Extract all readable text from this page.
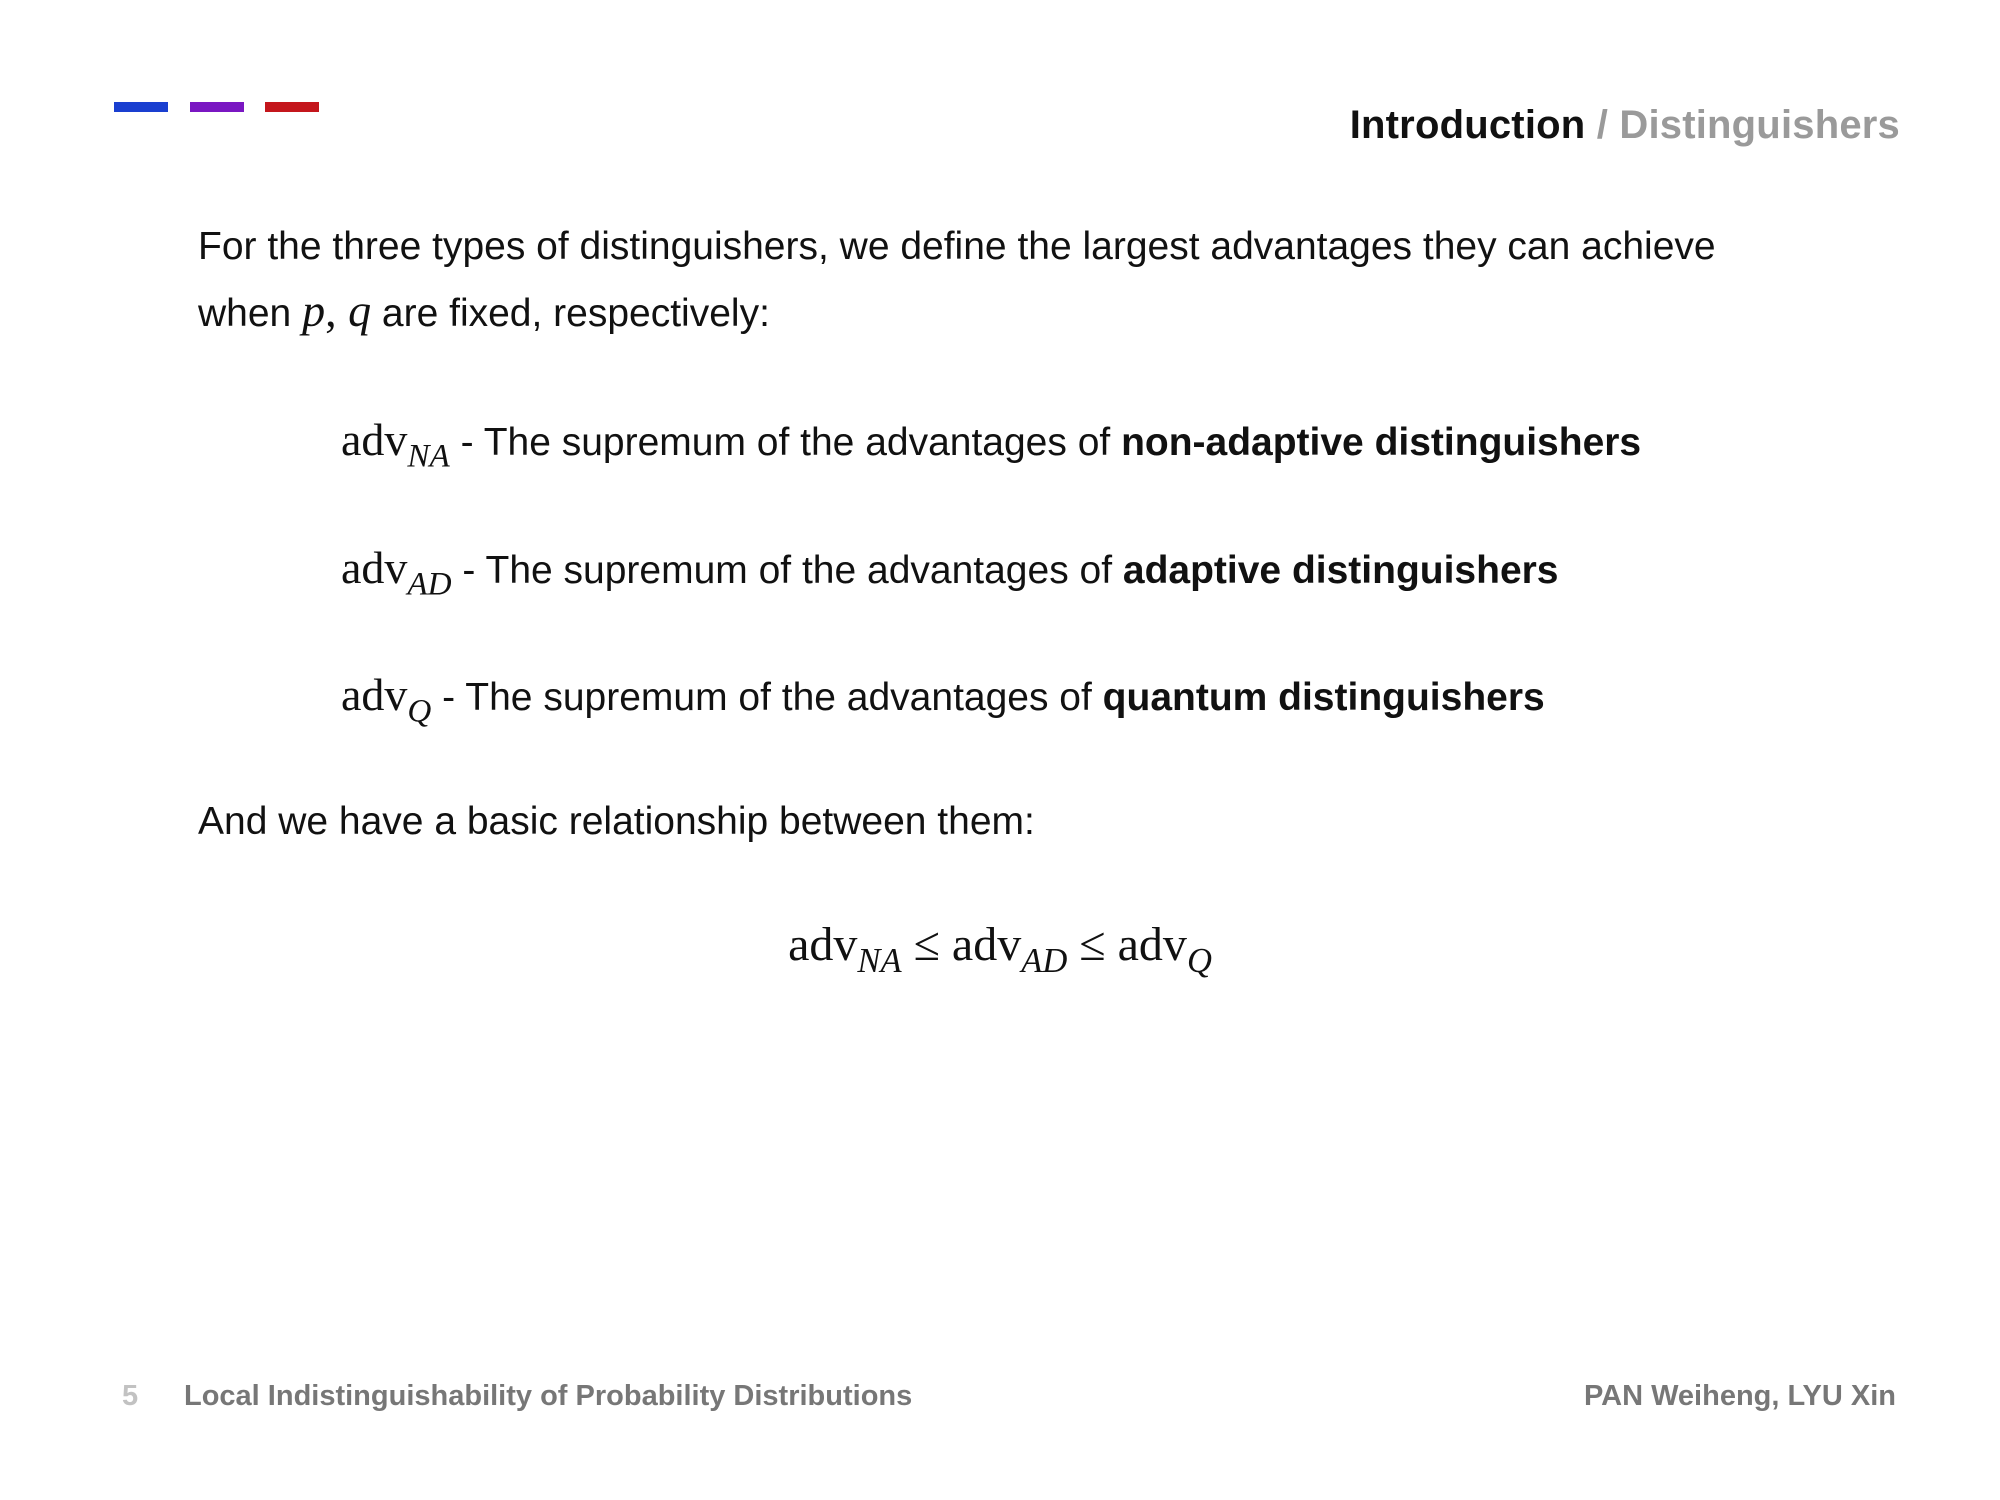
Introduction / Distinguishers
For the three types of distinguishers, we define the largest advantages they can achieve when p, q are fixed, respectively:
adv$_{NA}$ - The supremum of the advantages of non-adaptive distinguishers
adv$_{AD}$ - The supremum of the advantages of adaptive distinguishers
adv$_Q$ - The supremum of the advantages of quantum distinguishers
And we have a basic relationship between them:
adv$_{NA}$ ≤ adv$_{AD}$ ≤ adv$_Q$
5 Local Indistinguishability of Probability Distributions	PAN Weiheng, LYU Xin
